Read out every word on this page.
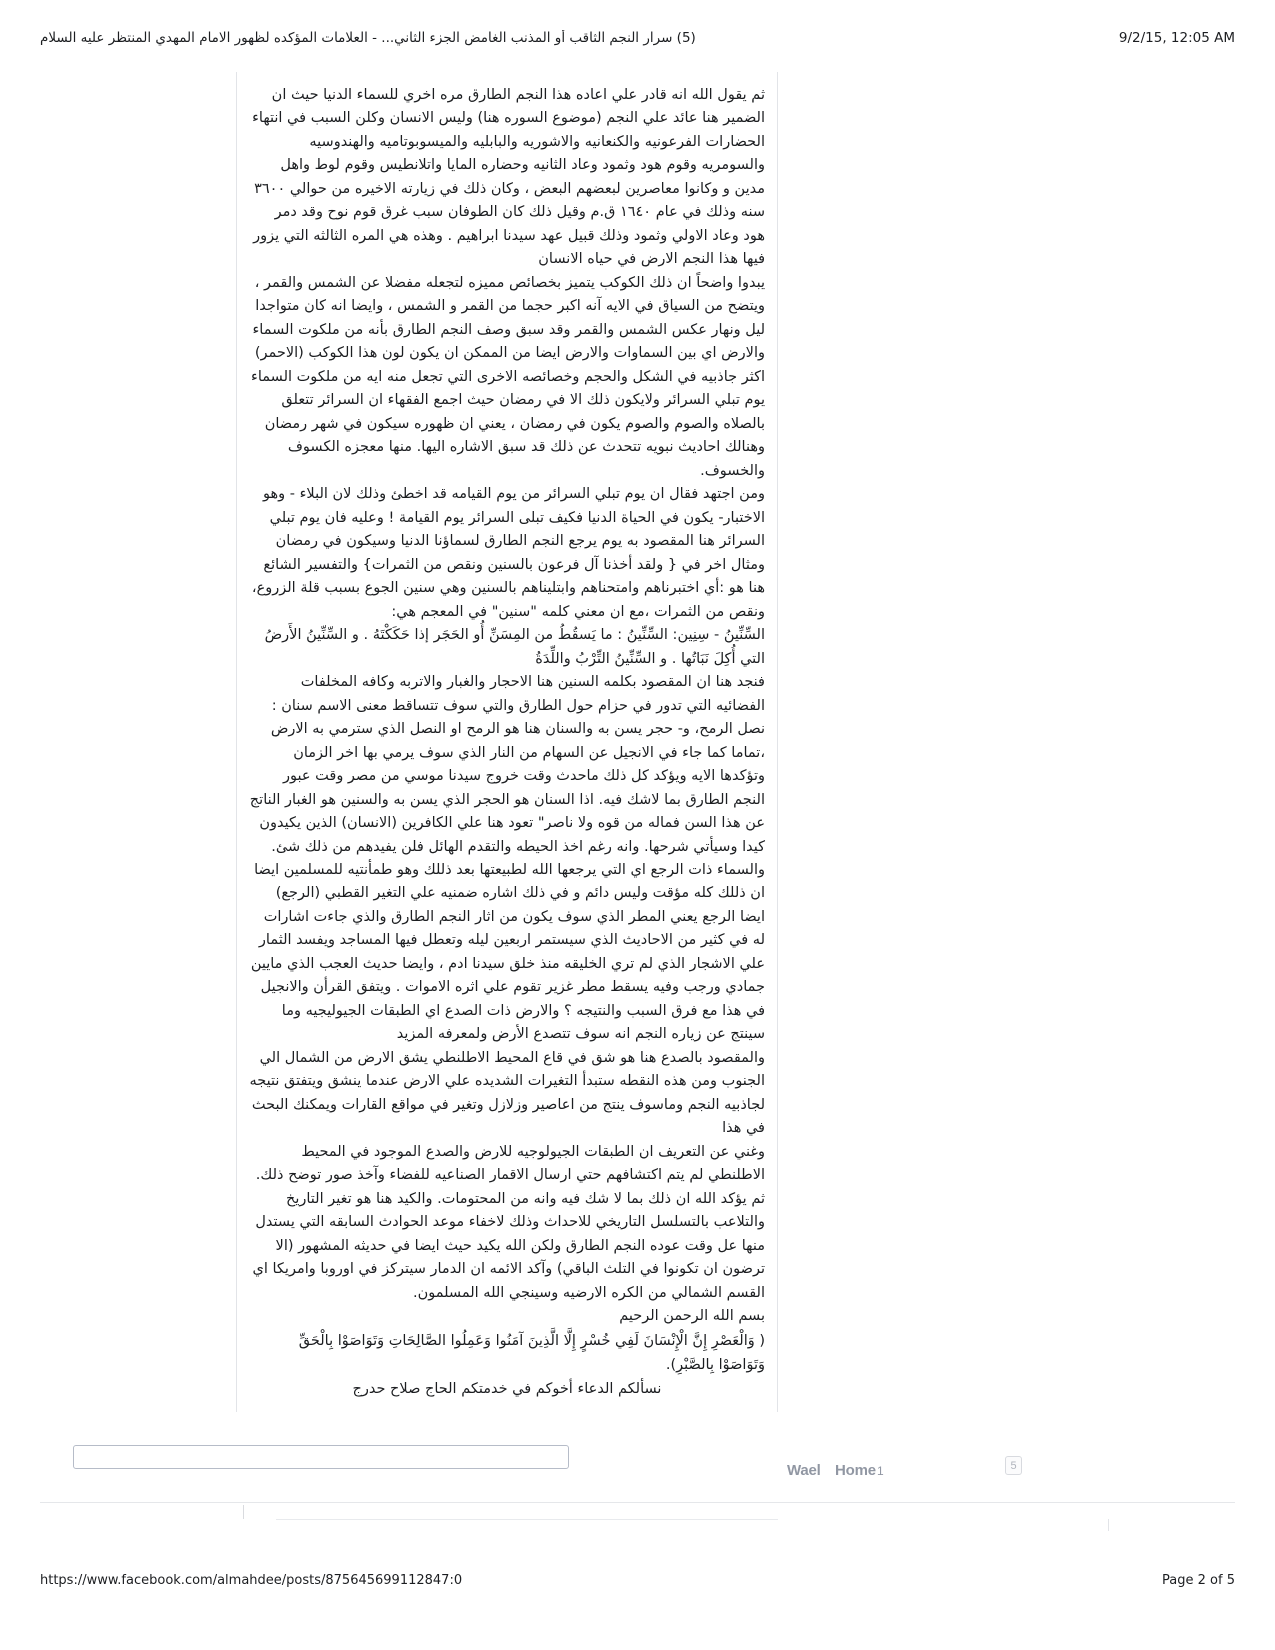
(5) ‫سرار النجم الثاقب أو المذنب الغامض الجزء الثاني... - العلامات المؤكده لظهور الامام المهدي المنتظر عليه السلام	9/2/15, 12:05 AM

ثم يقول الله انه قادر علي اعاده هذا النجم الطارق مره اخري للسماء الدنيا حيث ان الضمير هنا عائد علي النجم (موضوع السوره هنا) وليس الانسان وكلن السبب في انتهاء الحضارات الفرعونيه والكنعانيه والاشوريه والبابليه والميسوبوتاميه والهندوسيه والسومريه وقوم هود وثمود وعاد الثانيه وحضاره المايا واتلانطيس وقوم لوط واهل مدين و وكانوا معاصرين لبعضهم البعض ، وكان ذلك في زيارته الاخيره من حوالي ٣٦٠٠ سنه وذلك في عام ١٦٤٠ ق.م وقيل ذلك كان الطوفان سبب غرق قوم نوح وقد دمر هود وعاد الاولي وثمود وذلك قبيل عهد سيدنا ابراهيم . وهذه هي المره الثالثه التي يزور فيها هذا النجم الارض في حياه الانسان

يبدوا واضحاً ان ذلك الكوكب يتميز بخصائص مميزه لتجعله مفضلا عن الشمس والقمر ، ويتضح من السياق في الايه آنه اكبر حجما من القمر و الشمس ، وايضا انه كان متواجدا ليل ونهار عكس الشمس والقمر وقد سبق وصف النجم الطارق بأنه من ملكوت السماء والارض اي بين السماوات والارض ايضا من الممكن ان يكون لون هذا الكوكب (الاحمر) اكثر جاذبيه في الشكل والحجم وخصائصه الاخرى التي تجعل منه ايه من ملكوت السماء

يوم تبلي السرائر ولايكون ذلك الا في رمضان حيث اجمع الفقهاء ان السرائر تتعلق بالصلاه والصوم والصوم يكون في رمضان ، يعني ان ظهوره سيكون في شهر رمضان وهنالك احاديث نبويه تتحدث عن ذلك قد سبق الاشاره اليها. منها معجزه الكسوف والخسوف.

ومن اجتهد فقال ان يوم تبلي السرائر من يوم القيامه قد اخطئ وذلك لان البلاء - وهو الاختبار- يكون في الحياة الدنيا فكيف تبلى السرائر يوم القيامة ! وعليه فان يوم تبلي السرائر هنا المقصود به يوم يرجع النجم الطارق لسماؤنا الدنيا وسيكون في رمضان

ومثال اخر في { ولقد أخذنا آل فرعون بالسنين ونقص من الثمرات} والتفسير الشائع هنا هو :أي اختبرناهم وامتحناهم وابتليناهم بالسنين وهي سنين الجوع بسبب قلة الزروع، ونقص من الثمرات ،مع ان معني كلمه "سنين" في المعجم هي:

السِّنِّينُ - سِنِين: السِّنِّينُ : ما يَسقُطُ من المِسَنِّ أُو الحَجَر إذا حَكَكْتَهُ . و السِّنِّينُ الأَرضُ التي أُكِلَ نَبَاتُها . و السِّنِّينُ التِّرْبُ واللِّدَةُ

فنجد هنا ان المقصود بكلمه السنين هنا الاحجار والغبار والاتربه وكافه المخلفات الفضائيه التي تدور في حزام حول الطارق والتي سوف تتساقط معنى الاسم سنان : نصل الرمح، و- حجر يسن به والسنان هنا هو الرمح او النصل الذي سترمي به الارض ،تماما كما جاء في الانجيل عن السهام من النار الذي سوف يرمي بها اخر الزمان وتؤكدها الايه ويؤكد كل ذلك ماحدث وقت خروج سيدنا موسي من مصر وقت عبور النجم الطارق بما لاشك فيه. اذا السنان هو الحجر الذي يسن به والسنين هو الغبار الناتج عن هذا السن فماله من قوه ولا ناصر" تعود هنا علي الكافرين (الانسان) الذين يكيدون كيدا وسيأتي شرحها. وانه رغم اخذ الحيطه والتقدم الهائل فلن يفيدهم من ذلك شئ. والسماء ذات الرجع اي التي يرجعها الله لطبيعتها بعد ذللك وهو طمأنتيه للمسلمين ايضا ان ذللك كله مؤقت وليس دائم و في ذلك اشاره ضمنيه علي التغير القطبي (الرجع)

ايضا الرجع يعني المطر الذي سوف يكون من اثار النجم الطارق والذي جاءت اشارات له في كثير من الاحاديث الذي سيستمر اربعين ليله وتعطل فيها المساجد ويفسد الثمار علي الاشجار الذي لم تري الخليقه منذ خلق سيدنا ادم ، وايضا حديث العجب الذي مايين جمادي ورجب وفيه يسقط مطر غزير تقوم علي اثره الاموات . ويتفق القرأن والانجيل في هذا مع فرق السبب والنتيجه ؟ والارض ذات الصدع اي الطبقات الجيوليجيه وما سينتج عن زياره النجم انه سوف تتصدع الأرض ولمعرفه المزيد

والمقصود بالصدع هنا هو شق في قاع المحيط الاطلنطي يشق الارض من الشمال الي الجنوب ومن هذه النقطه ستبدأ التغيرات الشديده علي الارض عندما ينشق ويتفتق نتيجه لجاذبيه النجم وماسوف ينتج من اعاصير وزلازل وتغير في مواقع القارات ويمكنك البحث في هذا

وغني عن التعريف ان الطبقات الجيولوجيه للارض والصدع الموجود في المحيط الاطلنطي لم يتم اكتشافهم حتي ارسال الاقمار الصناعيه للفضاء وآخذ صور توضح ذلك. ثم يؤكد الله ان ذلك بما لا شك فيه وانه من المحتومات. والكيد هنا هو تغير التاريخ والتلاعب بالتسلسل التاريخي للاحداث وذلك لاخفاء موعد الحوادث السابقه التي يستدل منها عل وقت عوده النجم الطارق ولكن الله يكيد حيث ايضا في حديثه المشهور (الا ترضون ان تكونوا في التلث الباقي) وآكد الائمه ان الدمار سيتركز في اوروبا وامريكا اي القسم الشمالي من الكره الارضيه وسينجي الله المسلمون.

بسم الله الرحمن الرحيم

( وَالْعَصْرِ إِنَّ الْإِنْسَانَ لَفِي خُسْرٍ إِلَّا الَّذِينَ آمَنُوا وَعَمِلُوا الصَّالِحَاتِ وَتَوَاصَوْا بِالْحَقِّ وَتَوَاصَوْا بِالصَّبْرِ).

نسألكم الدعاء أخوكم في خدمتكم الحاج صلاح حدرج

Wael Home 1	5
https://www.facebook.com/almahdee/posts/875645699112847:0	Page 2 of 5
